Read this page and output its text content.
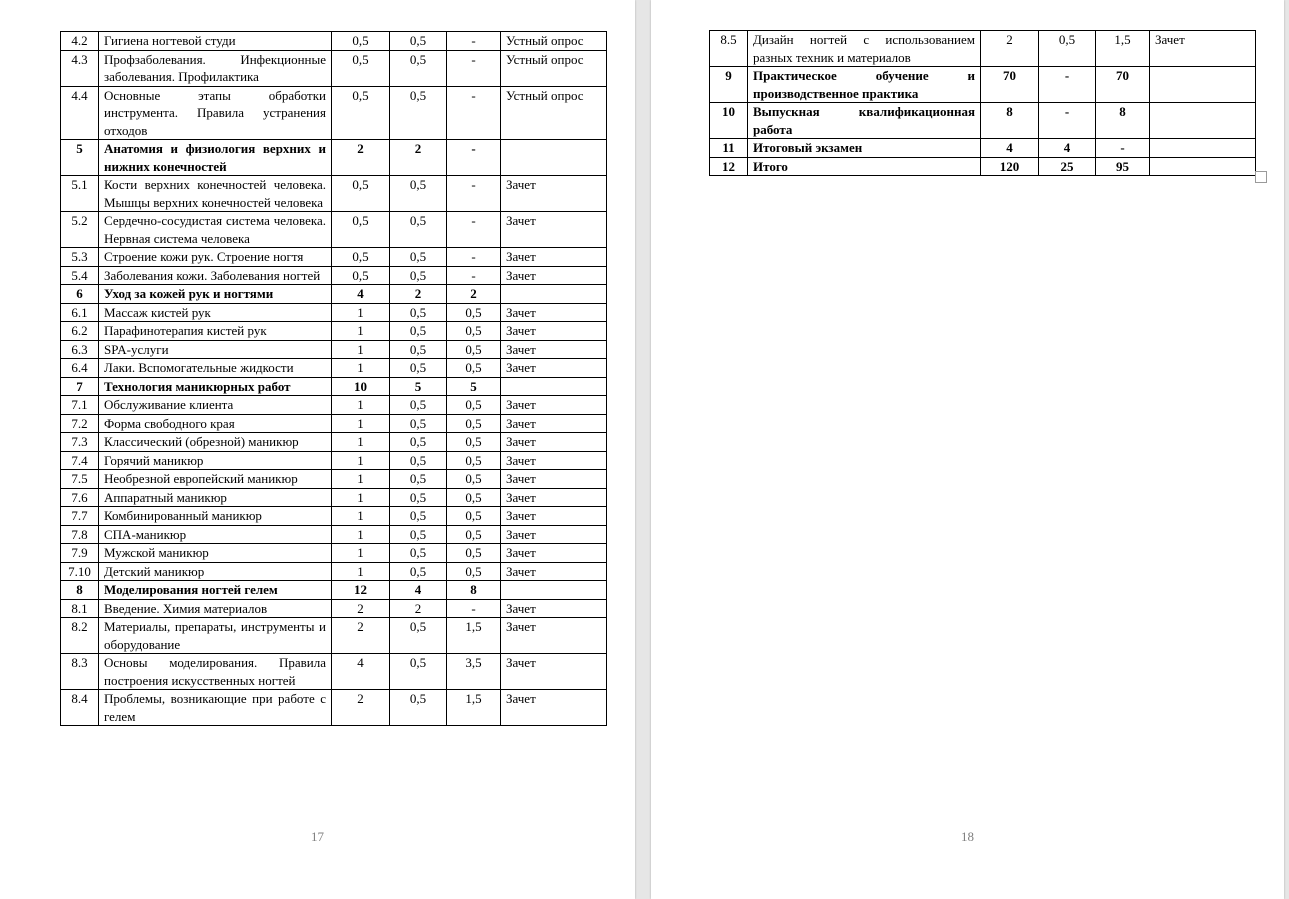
4.2	Гигиена ногтевой студи	0,5	0,5	-	Устный опрос
4.3	Профзаболевания. Инфекционные заболевания. Профилактика	0,5	0,5	-	Устный опрос
4.4	Основные этапы обработки инструмента. Правила устранения отходов	0,5	0,5	-	Устный опрос
5	Анатомия и физиология верхних и нижних конечностей	2	2	-	
5.1	Кости верхних конечностей человека. Мышцы верхних конечностей человека	0,5	0,5	-	Зачет
5.2	Сердечно-сосудистая система человека. Нервная система человека	0,5	0,5	-	Зачет
5.3	Строение кожи рук. Строение ногтя	0,5	0,5	-	Зачет
5.4	Заболевания кожи. Заболевания ногтей	0,5	0,5	-	Зачет
6	Уход за кожей рук и ногтями	4	2	2	
6.1	Массаж кистей рук	1	0,5	0,5	Зачет
6.2	Парафинотерапия кистей рук	1	0,5	0,5	Зачет
6.3	SPA-услуги	1	0,5	0,5	Зачет
6.4	Лаки. Вспомогательные жидкости	1	0,5	0,5	Зачет
7	Технология маникюрных работ	10	5	5	
7.1	Обслуживание клиента	1	0,5	0,5	Зачет
7.2	Форма свободного края	1	0,5	0,5	Зачет
7.3	Классический (обрезной) маникюр	1	0,5	0,5	Зачет
7.4	Горячий маникюр	1	0,5	0,5	Зачет
7.5	Необрезной европейский маникюр	1	0,5	0,5	Зачет
7.6	Аппаратный маникюр	1	0,5	0,5	Зачет
7.7	Комбинированный маникюр	1	0,5	0,5	Зачет
7.8	СПА-маникюр	1	0,5	0,5	Зачет
7.9	Мужской маникюр	1	0,5	0,5	Зачет
7.10	Детский маникюр	1	0,5	0,5	Зачет
8	Моделирования ногтей гелем	12	4	8	
8.1	Введение. Химия материалов	2	2	-	Зачет
8.2	Материалы, препараты, инструменты и оборудование	2	0,5	1,5	Зачет
8.3	Основы моделирования. Правила построения искусственных ногтей	4	0,5	3,5	Зачет
8.4	Проблемы, возникающие при работе с гелем	2	0,5	1,5	Зачет
17
8.5	Дизайн ногтей с использованием разных техник и материалов	2	0,5	1,5	Зачет
9	Практическое обучение и производственное практика	70	-	70	
10	Выпускная квалификационная работа	8	-	8	
11	Итоговый экзамен	4	4	-	
12	Итого	120	25	95	
18
